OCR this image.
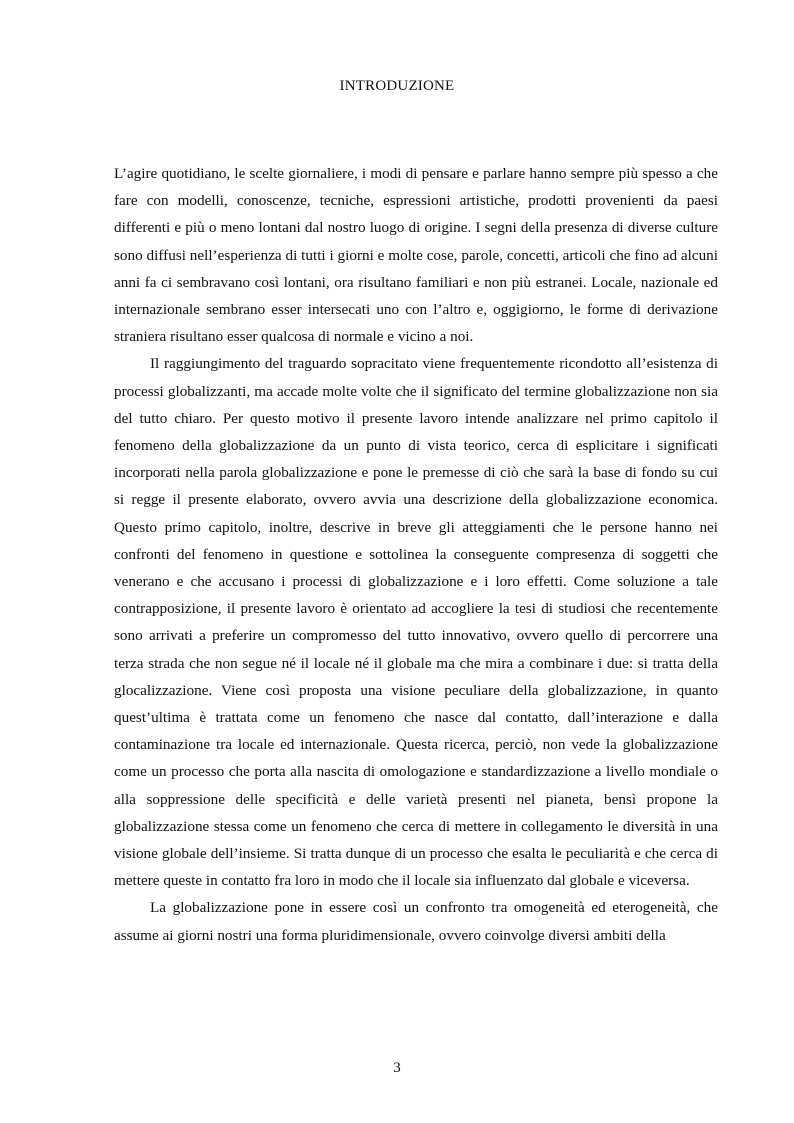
INTRODUZIONE

L’agire quotidiano, le scelte giornaliere, i modi di pensare e parlare hanno sempre più spesso a che fare con modelli, conoscenze, tecniche, espressioni artistiche, prodotti provenienti da paesi differenti e più o meno lontani dal nostro luogo di origine. I segni della presenza di diverse culture sono diffusi nell’esperienza di tutti i giorni e molte cose, parole, concetti, articoli che fino ad alcuni anni fa ci sembravano così lontani, ora risultano familiari e non più estranei. Locale, nazionale ed internazionale sembrano esser intersecati uno con l’altro e, oggigiorno, le forme di derivazione straniera risultano esser qualcosa di normale e vicino a noi.

Il raggiungimento del traguardo sopracitato viene frequentemente ricondotto all’esistenza di processi globalizzanti, ma accade molte volte che il significato del termine globalizzazione non sia del tutto chiaro. Per questo motivo il presente lavoro intende analizzare nel primo capitolo il fenomeno della globalizzazione da un punto di vista teorico, cerca di esplicitare i significati incorporati nella parola globalizzazione e pone le premesse di ciò che sarà la base di fondo su cui si regge il presente elaborato, ovvero avvia una descrizione della globalizzazione economica. Questo primo capitolo, inoltre, descrive in breve gli atteggiamenti che le persone hanno nei confronti del fenomeno in questione e sottolinea la conseguente compresenza di soggetti che venerano e che accusano i processi di globalizzazione e i loro effetti. Come soluzione a tale contrapposizione, il presente lavoro è orientato ad accogliere la tesi di studiosi che recentemente sono arrivati a preferire un compromesso del tutto innovativo, ovvero quello di percorrere una terza strada che non segue né il locale né il globale ma che mira a combinare i due: si tratta della glocalizzazione. Viene così proposta una visione peculiare della globalizzazione, in quanto quest’ultima è trattata come un fenomeno che nasce dal contatto, dall’interazione e dalla contaminazione tra locale ed internazionale. Questa ricerca, perciò, non vede la globalizzazione come un processo che porta alla nascita di omologazione e standardizzazione a livello mondiale o alla soppressione delle specificità e delle varietà presenti nel pianeta, bensì propone la globalizzazione stessa come un fenomeno che cerca di mettere in collegamento le diversità in una visione globale dell’insieme. Si tratta dunque di un processo che esalta le peculiarità e che cerca di mettere queste in contatto fra loro in modo che il locale sia influenzato dal globale e viceversa.

La globalizzazione pone in essere così un confronto tra omogeneità ed eterogeneità, che assume ai giorni nostri una forma pluridimensionale, ovvero coinvolge diversi ambiti della

3
